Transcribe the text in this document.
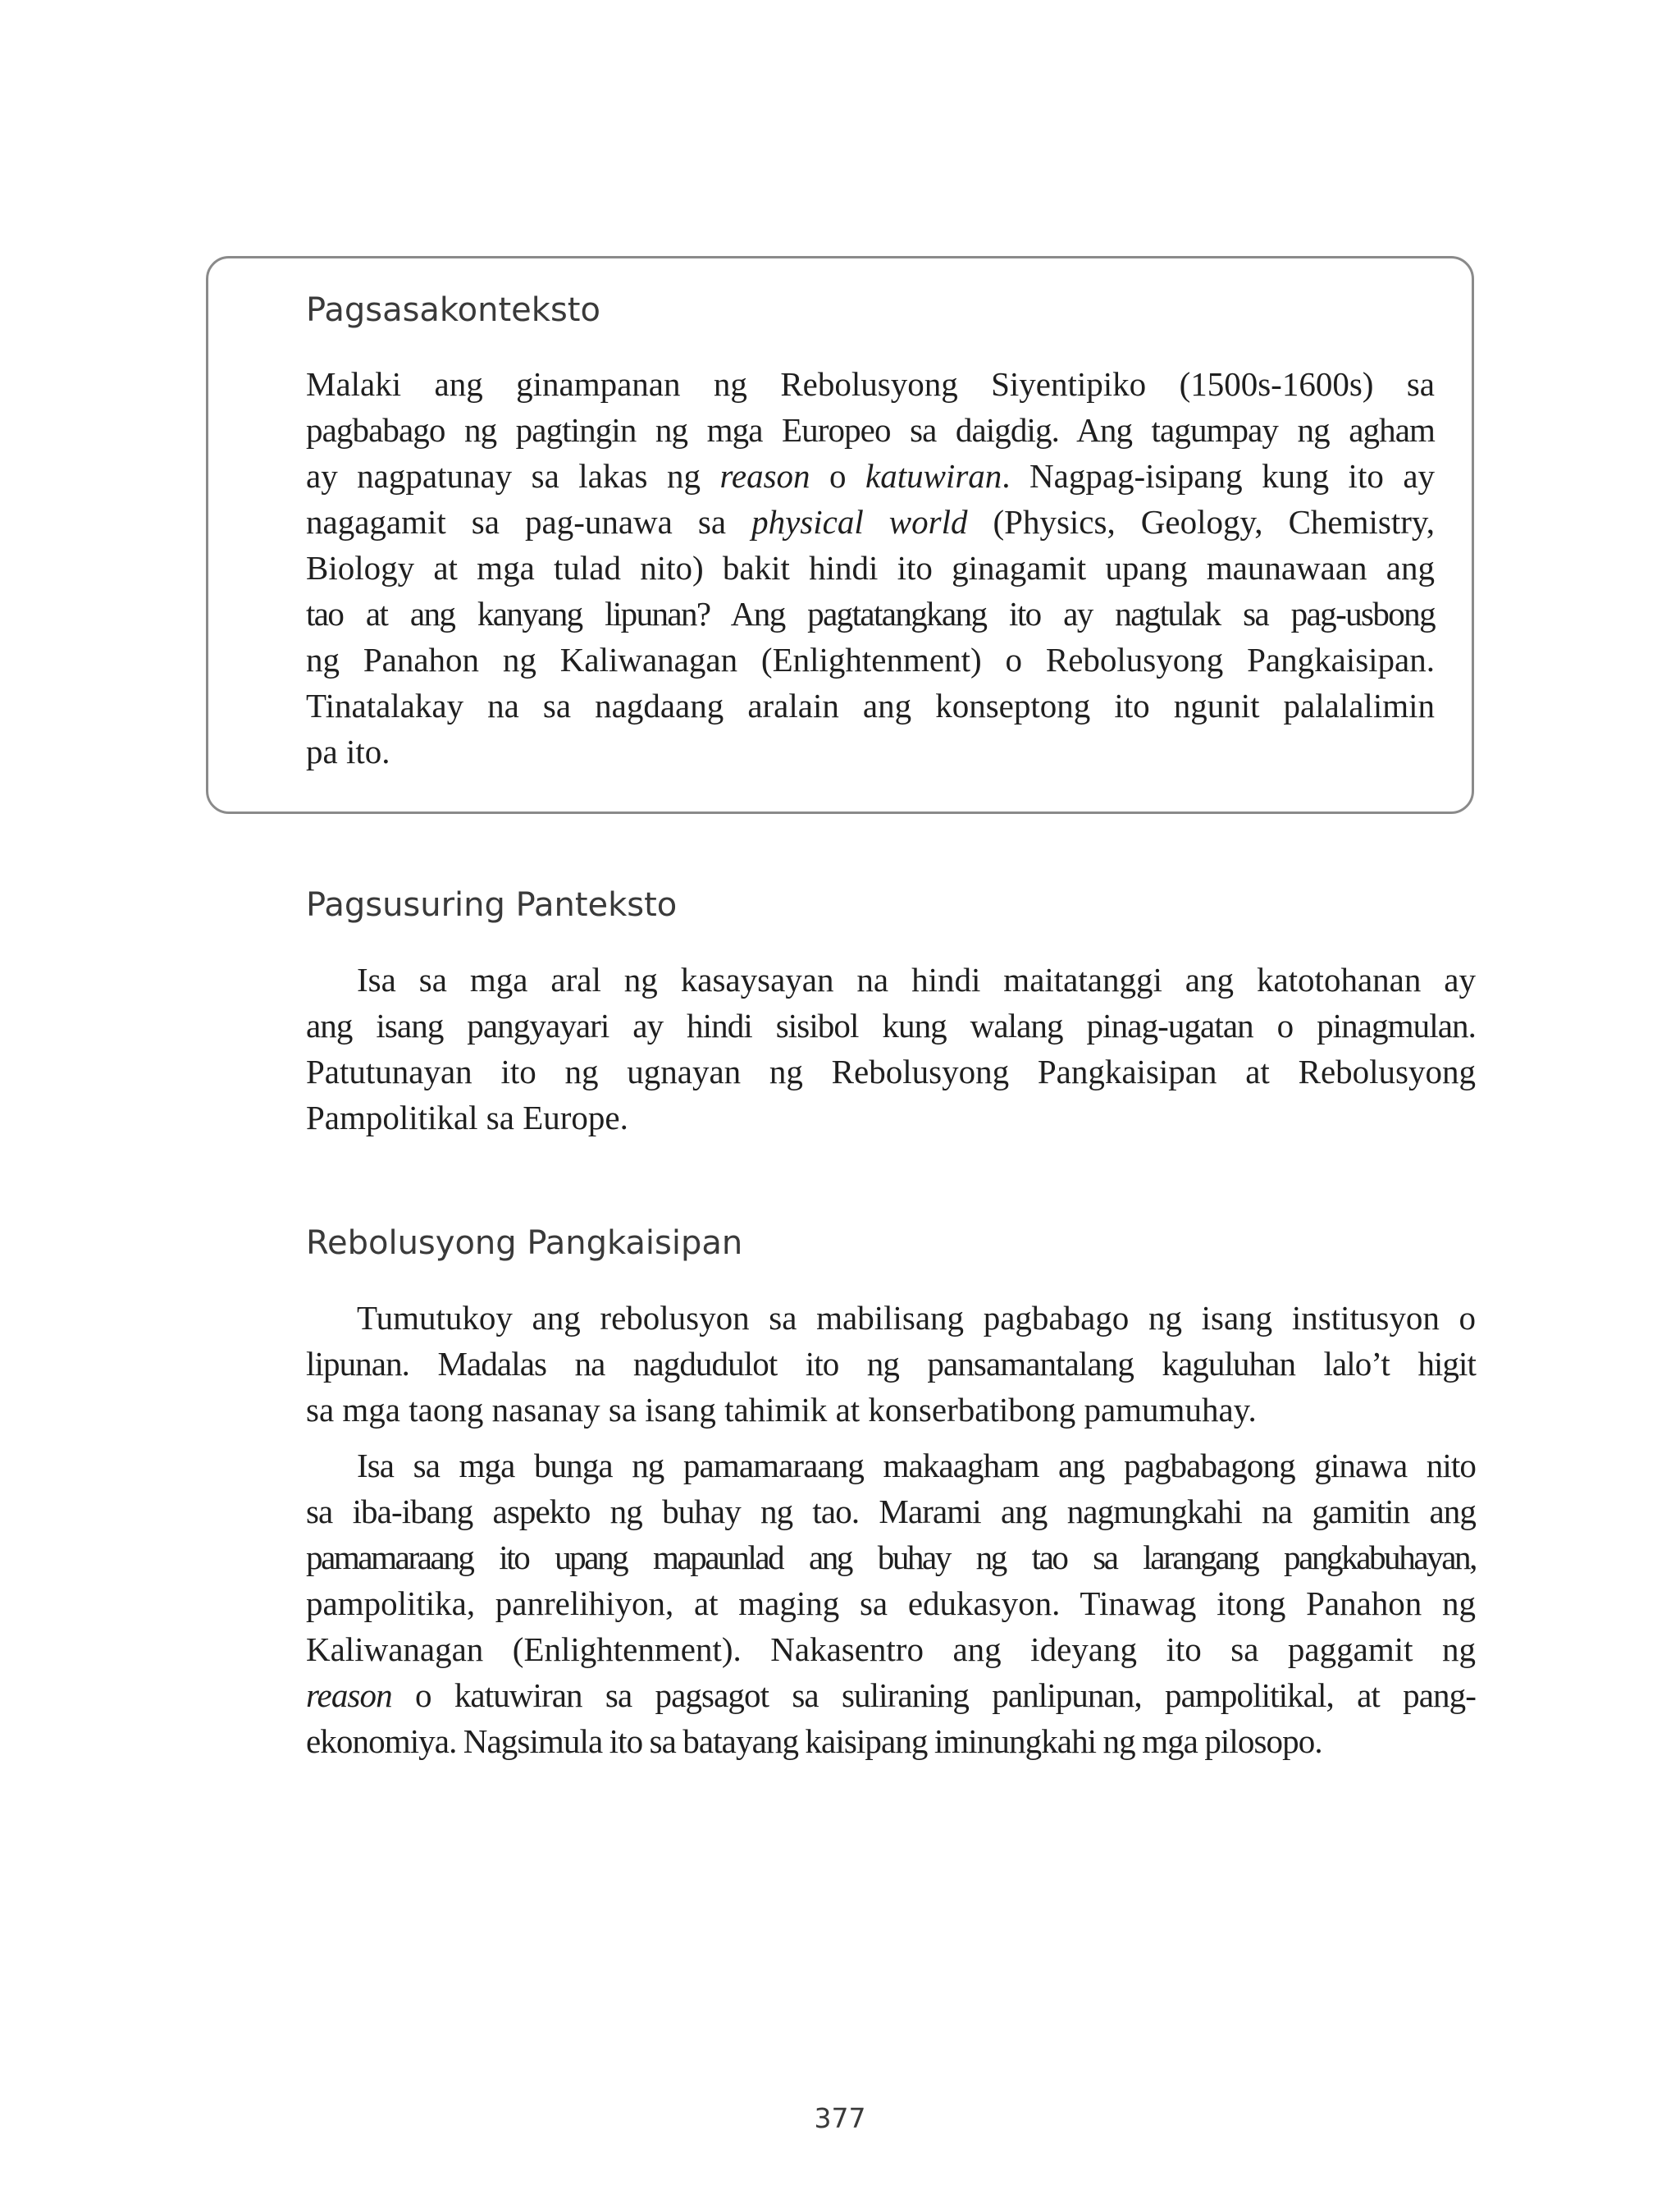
Pagsasakonteksto
Malaki ang ginampanan ng Rebolusyong Siyentipiko (1500s-1600s) sa
pagbabago ng pagtingin ng mga Europeo sa daigdig. Ang tagumpay ng agham
ay nagpatunay sa lakas ng reason o katuwiran. Nagpag-isipang kung ito ay
nagagamit sa pag-unawa sa physical world (Physics, Geology, Chemistry,
Biology at mga tulad nito) bakit hindi ito ginagamit upang maunawaan ang
tao at ang kanyang lipunan? Ang pagtatangkang ito ay nagtulak sa pag-usbong
ng Panahon ng Kaliwanagan (Enlightenment) o Rebolusyong Pangkaisipan.
Tinatalakay na sa nagdaang aralain ang konseptong ito ngunit palalalimin
pa ito.
Pagsusuring Panteksto
Isa sa mga aral ng kasaysayan na hindi maitatanggi ang katotohanan ay
ang isang pangyayari ay hindi sisibol kung walang pinag-ugatan o pinagmulan.
Patutunayan ito ng ugnayan ng Rebolusyong Pangkaisipan at Rebolusyong
Pampolitikal sa Europe.
Rebolusyong Pangkaisipan
Tumutukoy ang rebolusyon sa mabilisang pagbabago ng isang institusyon o
lipunan. Madalas na nagdudulot ito ng pansamantalang kaguluhan lalo’t higit
sa mga taong nasanay sa isang tahimik at konserbatibong pamumuhay.
Isa sa mga bunga ng pamamaraang makaagham ang pagbabagong ginawa nito
sa iba-ibang aspekto ng buhay ng tao. Marami ang nagmungkahi na gamitin ang
pamamaraang ito upang mapaunlad ang buhay ng tao sa larangang pangkabuhayan,
pampolitika, panrelihiyon, at maging sa edukasyon. Tinawag itong Panahon ng
Kaliwanagan (Enlightenment). Nakasentro ang ideyang ito sa paggamit ng
reason o katuwiran sa pagsagot sa suliraning panlipunan, pampolitikal, at pang-
ekonomiya. Nagsimula ito sa batayang kaisipang iminungkahi ng mga pilosopo.
377
